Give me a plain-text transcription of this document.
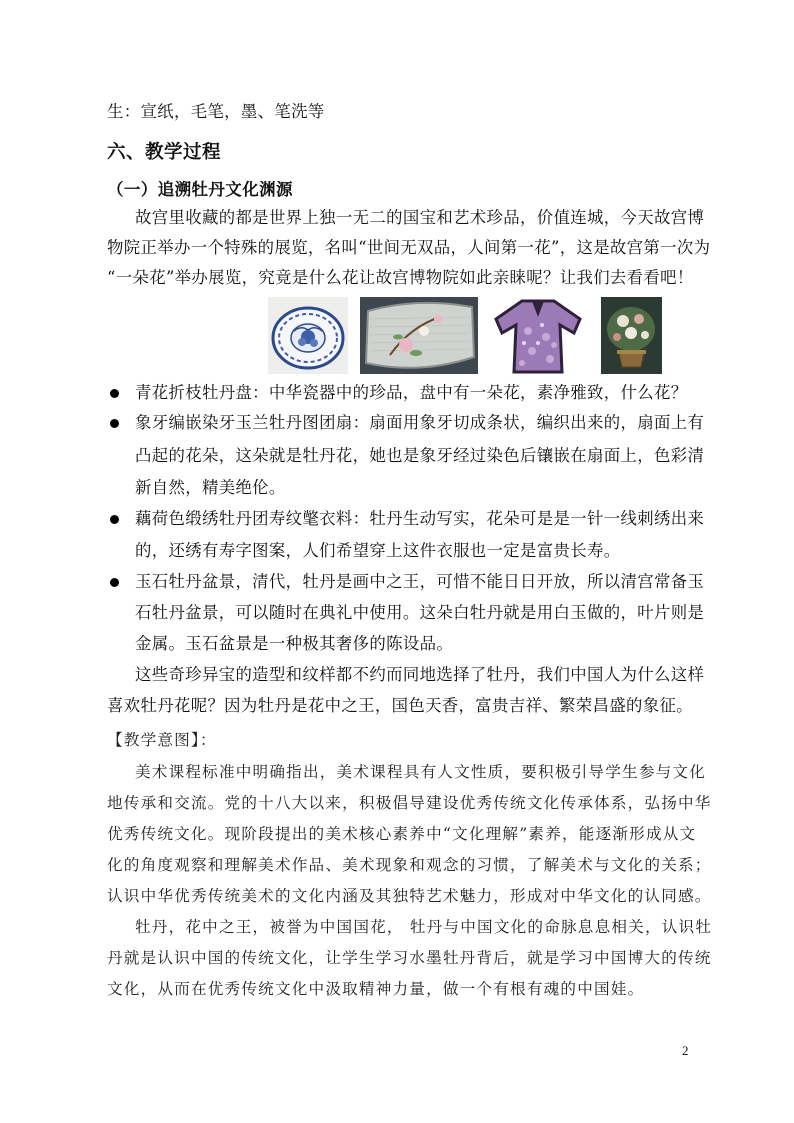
生：宣纸，毛笔，墨、笔洗等
六、教学过程
（一）追溯牡丹文化渊源
故宫里收藏的都是世界上独一无二的国宝和艺术珍品，价值连城，今天故宫博
物院正举办一个特殊的展览，名叫“世间无双品，人间第一花”，这是故宫第一次为
“一朵花”举办展览，究竟是什么花让故宫博物院如此亲睐呢？让我们去看看吧！
青花折枝牡丹盘：中华瓷器中的珍品，盘中有一朵花，素净雅致，什么花？
象牙编嵌染牙玉兰牡丹图团扇：扇面用象牙切成条状，编织出来的，扇面上有
凸起的花朵，这朵就是牡丹花，她也是象牙经过染色后镶嵌在扇面上，色彩清
新自然，精美绝伦。
藕荷色缎绣牡丹团寿纹氅衣料：牡丹生动写实，花朵可是是一针一线刺绣出来
的，还绣有寿字图案，人们希望穿上这件衣服也一定是富贵长寿。
玉石牡丹盆景，清代，牡丹是画中之王，可惜不能日日开放，所以清宫常备玉
石牡丹盆景，可以随时在典礼中使用。这朵白牡丹就是用白玉做的，叶片则是
金属。玉石盆景是一种极其奢侈的陈设品。
这些奇珍异宝的造型和纹样都不约而同地选择了牡丹，我们中国人为什么这样
喜欢牡丹花呢？因为牡丹是花中之王，国色天香，富贵吉祥、繁荣昌盛的象征。
【教学意图】：
美术课程标准中明确指出，美术课程具有人文性质，要积极引导学生参与文化
地传承和交流。党的十八大以来，积极倡导建设优秀传统文化传承体系，弘扬中华
优秀传统文化。现阶段提出的美术核心素养中“文化理解”素养，能逐渐形成从文
化的角度观察和理解美术作品、美术现象和观念的习惯，了解美术与文化的关系；
认识中华优秀传统美术的文化内涵及其独特艺术魅力，形成对中华文化的认同感。
牡丹，花中之王，被誉为中国国花， 牡丹与中国文化的命脉息息相关，认识牡
丹就是认识中国的传统文化，让学生学习水墨牡丹背后，就是学习中国博大的传统
文化，从而在优秀传统文化中汲取精神力量，做一个有根有魂的中国娃。
2
